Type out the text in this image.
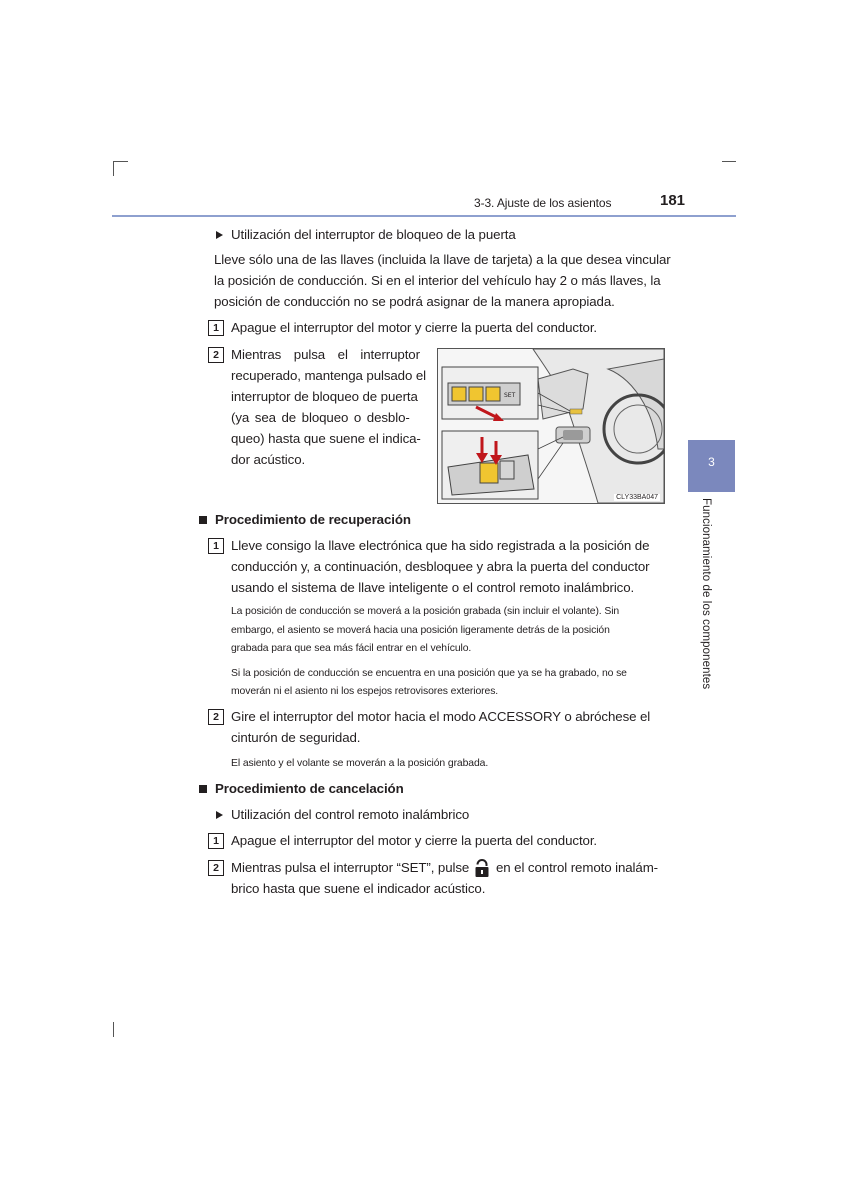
3-3. Ajuste de los asientos	181
3
Funcionamiento de los componentes
Utilización del interruptor de bloqueo de la puerta
Lleve sólo una de las llaves (incluida la llave de tarjeta) a la que desea vincular
la posición de conducción. Si en el interior del vehículo hay 2 o más llaves, la
posición de conducción no se podrá asignar de la manera apropiada.
1 Apague el interruptor del motor y cierre la puerta del conductor.
2 Mientras pulsa el interruptor
recuperado, mantenga pulsado el
interruptor de bloqueo de puerta
(ya sea de bloqueo o desblo-
queo) hasta que suene el indica-
dor acústico.
SET
CLY33BA047
Procedimiento de recuperación
1 Lleve consigo la llave electrónica que ha sido registrada a la posición de
conducción y, a continuación, desbloquee y abra la puerta del conductor
usando el sistema de llave inteligente o el control remoto inalámbrico.
La posición de conducción se moverá a la posición grabada (sin incluir el volante). Sin
embargo, el asiento se moverá hacia una posición ligeramente detrás de la posición
grabada para que sea más fácil entrar en el vehículo.
Si la posición de conducción se encuentra en una posición que ya se ha grabado, no se
moverán ni el asiento ni los espejos retrovisores exteriores.
2 Gire el interruptor del motor hacia el modo ACCESSORY o abróchese el
cinturón de seguridad.
El asiento y el volante se moverán a la posición grabada.
Procedimiento de cancelación
Utilización del control remoto inalámbrico
1 Apague el interruptor del motor y cierre la puerta del conductor.
2 Mientras pulsa el interruptor “SET”, pulse en el control remoto inalám-
brico hasta que suene el indicador acústico.
